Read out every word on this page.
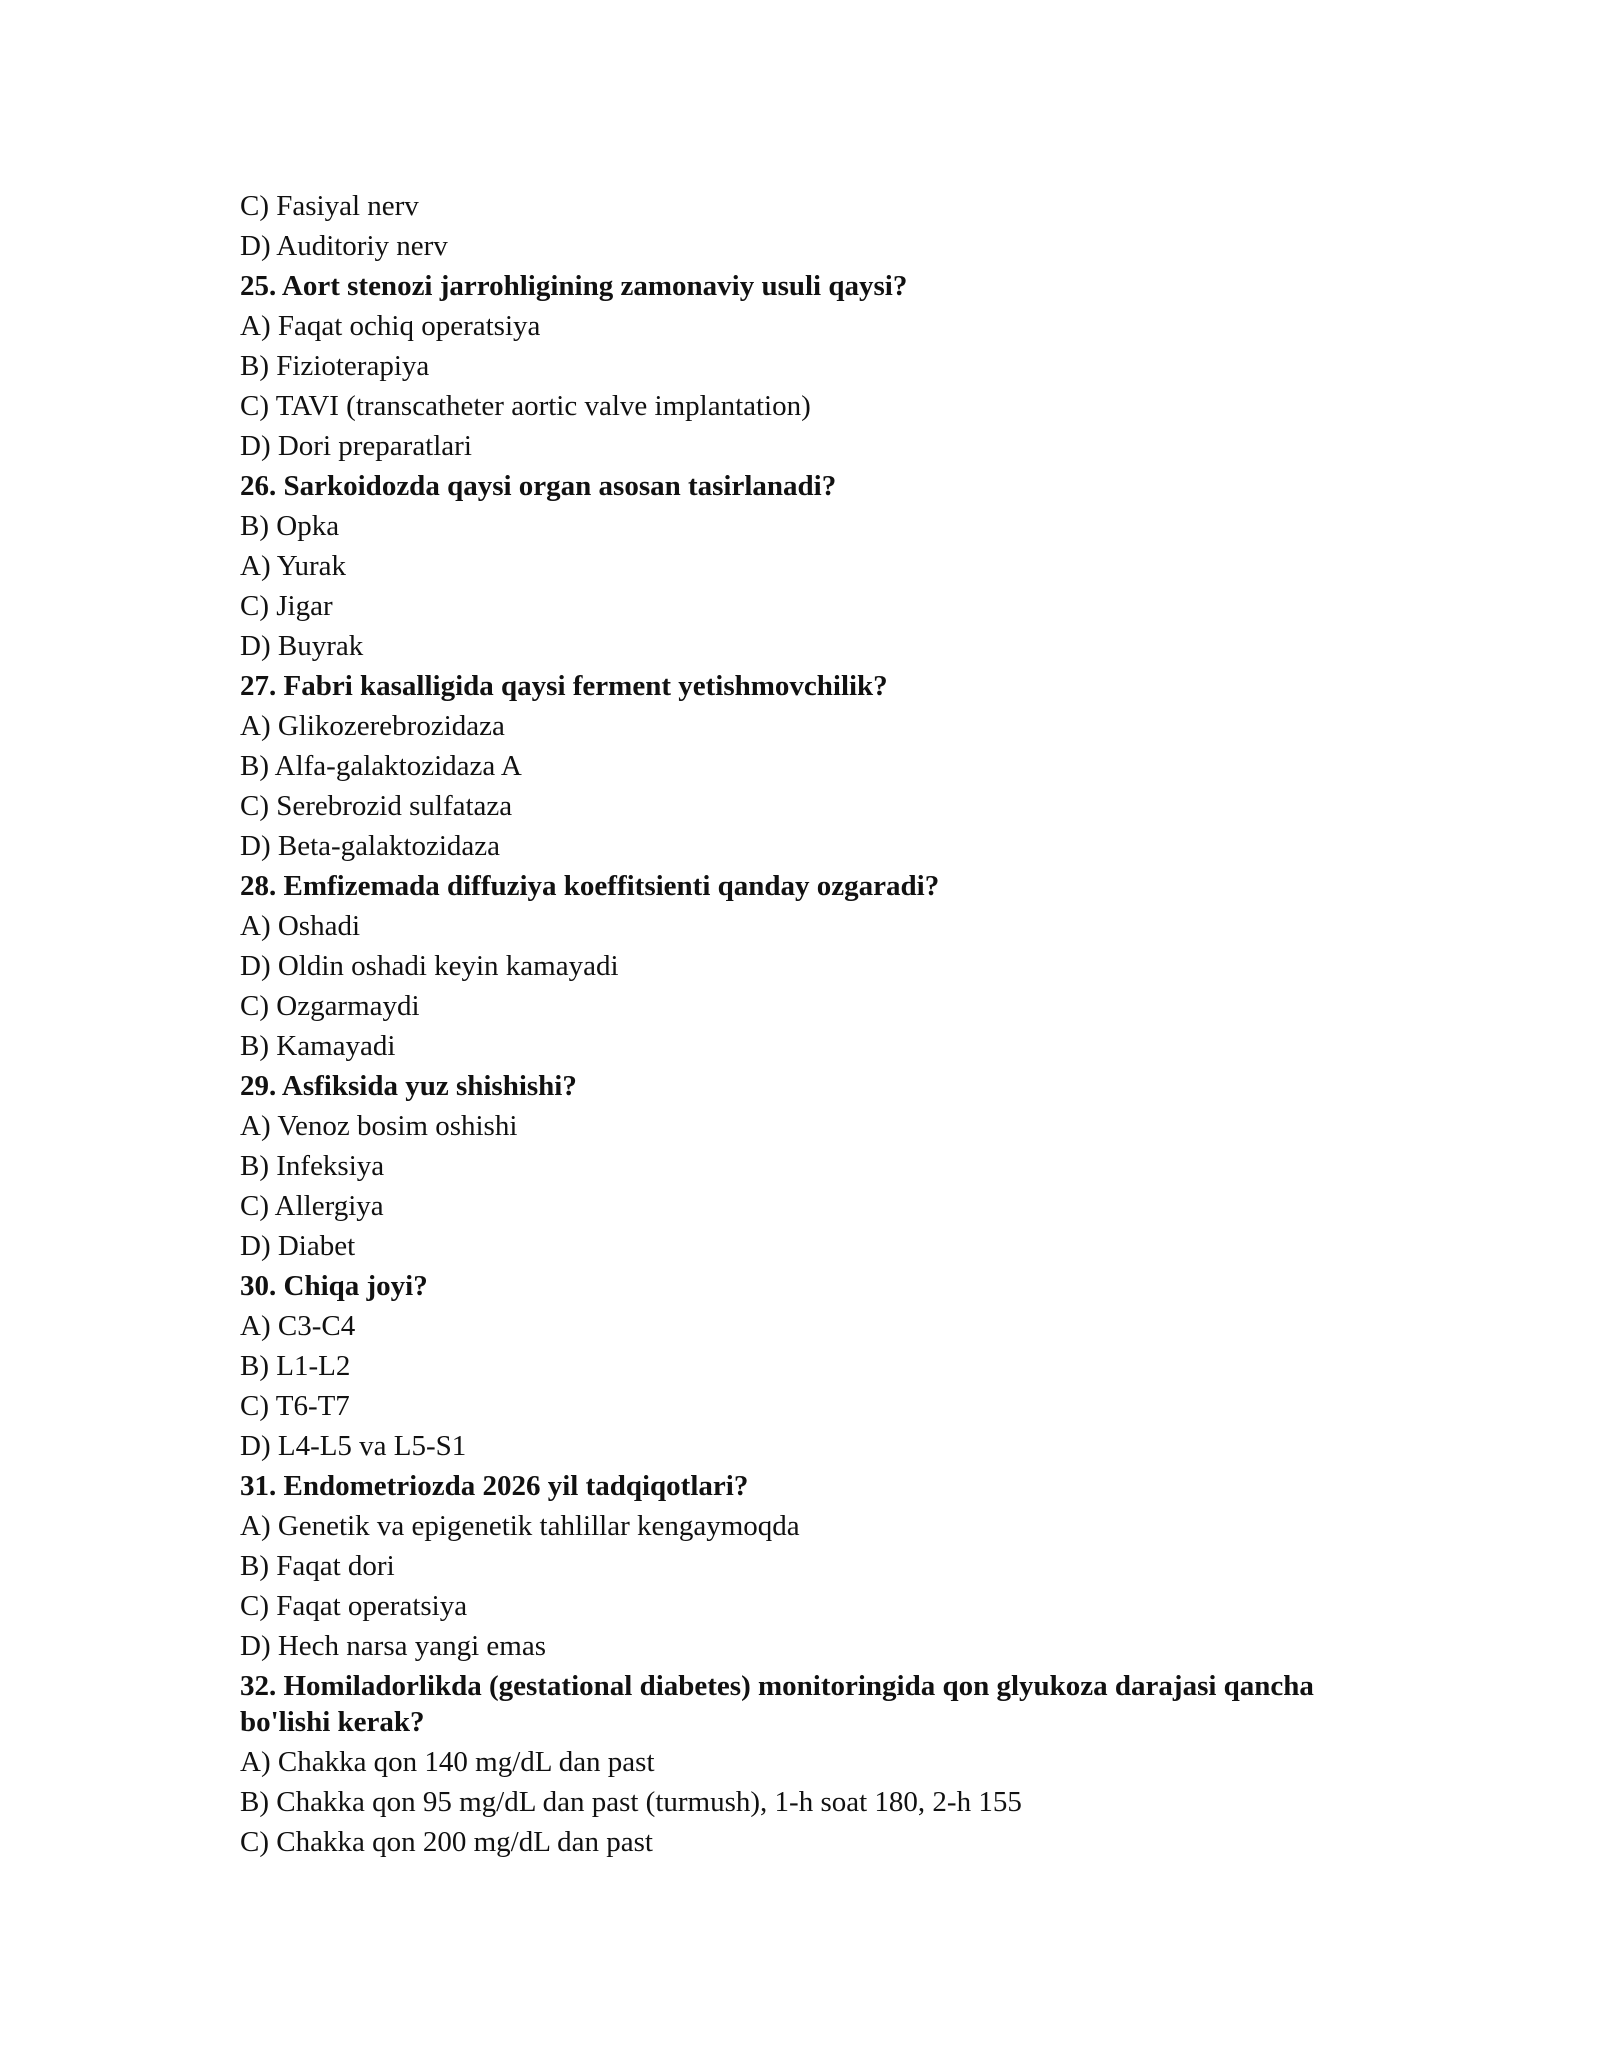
C) Fasiyal nerv

D) Auditoriy nerv

25. Aort stenozi jarrohligining zamonaviy usuli qaysi?

A) Faqat ochiq operatsiya

B) Fizioterapiya

C) TAVI (transcatheter aortic valve implantation)

D) Dori preparatlari

26. Sarkoidozda qaysi organ asosan tasirlanadi?

B) Opka

A) Yurak

C) Jigar

D) Buyrak

27. Fabri kasalligida qaysi ferment yetishmovchilik?

A) Glikozerebrozidaza

B) Alfa-galaktozidaza A

C) Serebrozid sulfataza

D) Beta-galaktozidaza

28. Emfizemada diffuziya koeffitsienti qanday ozgaradi?

A) Oshadi

D) Oldin oshadi keyin kamayadi

C) Ozgarmaydi

B) Kamayadi

29. Asfiksida yuz shishishi?

A) Venoz bosim oshishi

B) Infeksiya

C) Allergiya

D) Diabet

30. Chiqa joyi?

A) C3-C4

B) L1-L2

C) T6-T7

D) L4-L5 va L5-S1

31. Endometriozda 2026 yil tadqiqotlari?

A) Genetik va epigenetik tahlillar kengaymoqda

B) Faqat dori

C) Faqat operatsiya

D) Hech narsa yangi emas

32. Homiladorlikda (gestational diabetes) monitoringida qon glyukoza darajasi qancha bo'lishi kerak?

A) Chakka qon 140 mg/dL dan past

B) Chakka qon 95 mg/dL dan past (turmush), 1-h soat 180, 2-h 155

C) Chakka qon 200 mg/dL dan past
